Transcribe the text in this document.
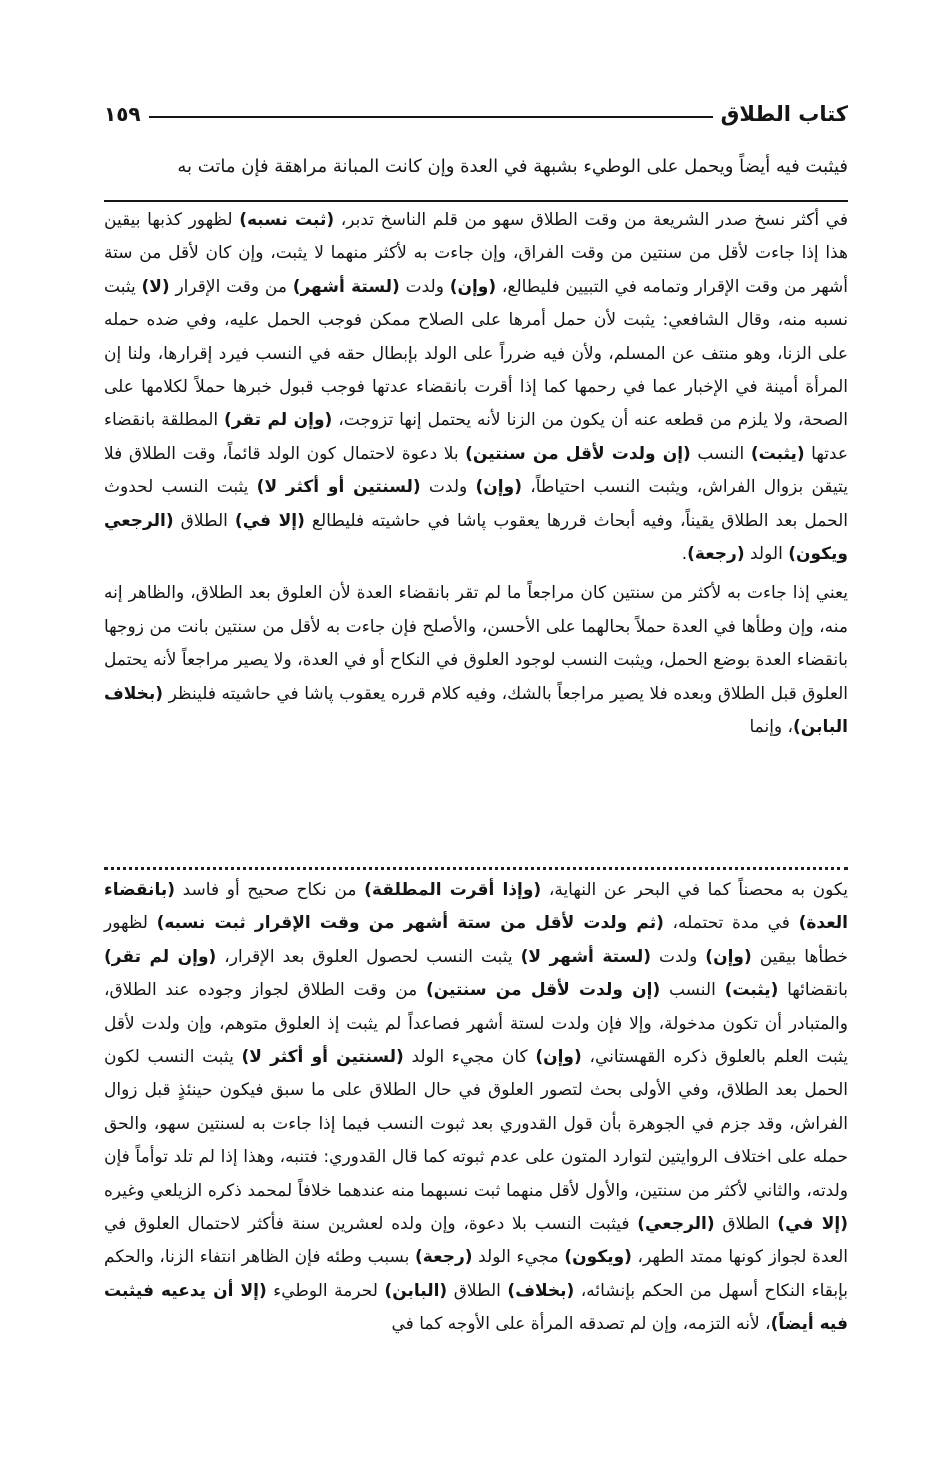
كتاب الطلاق
١٥٩

فيثبت فيه أيضاً ويحمل على الوطيء بشبهة في العدة وإن كانت المبانة مراهقة فإن ماتت به

في أكثر نسخ صدر الشريعة من وقت الطلاق سهو من قلم الناسخ تدبر، (ثبت نسبه) لظهور كذبها بيقين هذا إذا جاءت لأقل من سنتين من وقت الفراق، وإن جاءت به لأكثر منهما لا يثبت، وإن كان لأقل من ستة أشهر من وقت الإقرار وتمامه في التبيين فليطالع، (وإن) ولدت (لستة أشهر) من وقت الإقرار (لا) يثبت نسبه منه، وقال الشافعي: يثبت لأن حمل أمرها على الصلاح ممكن فوجب الحمل عليه، وفي ضده حمله على الزنا، وهو منتف عن المسلم، ولأن فيه ضرراً على الولد بإبطال حقه في النسب فيرد إقرارها، ولنا إن المرأة أمينة في الإخبار عما في رحمها كما إذا أقرت بانقضاء عدتها فوجب قبول خبرها حملاً لكلامها على الصحة، ولا يلزم من قطعه عنه أن يكون من الزنا لأنه يحتمل إنها تزوجت، (وإن لم تقر) المطلقة بانقضاء عدتها (يثبت) النسب (إن ولدت لأقل من سنتين) بلا دعوة لاحتمال كون الولد قائماً، وقت الطلاق فلا يتيقن بزوال الفراش، ويثبت النسب احتياطاً، (وإن) ولدت (لسنتين أو أكثر لا) يثبت النسب لحدوث الحمل بعد الطلاق يقيناً، وفيه أبحاث قررها يعقوب پاشا في حاشيته فليطالع (إلا في) الطلاق (الرجعي ويكون) الولد (رجعة).

يعني إذا جاءت به لأكثر من سنتين كان مراجعاً ما لم تقر بانقضاء العدة لأن العلوق بعد الطلاق، والظاهر إنه منه، وإن وطأها في العدة حملاً بحالهما على الأحسن، والأصلح فإن جاءت به لأقل من سنتين بانت من زوجها بانقضاء العدة بوضع الحمل، ويثبت النسب لوجود العلوق في النكاح أو في العدة، ولا يصير مراجعاً لأنه يحتمل العلوق قبل الطلاق وبعده فلا يصير مراجعاً بالشك، وفيه كلام قرره يعقوب پاشا في حاشيته فلينظر (بخلاف البابن)، وإنما

يكون به محصناً كما في البحر عن النهاية، (وإذا أقرت المطلقة) من نكاح صحيح أو فاسد (بانقضاء العدة) في مدة تحتمله، (ثم ولدت لأقل من ستة أشهر من وقت الإقرار ثبت نسبه) لظهور خطأها بيقين (وإن) ولدت (لستة أشهر لا) يثبت النسب لحصول العلوق بعد الإقرار، (وإن لم تقر) بانقضائها (يثبت) النسب (إن ولدت لأقل من سنتين) من وقت الطلاق لجواز وجوده عند الطلاق، والمتبادر أن تكون مدخولة، وإلا فإن ولدت لستة أشهر فصاعداً لم يثبت إذ العلوق متوهم، وإن ولدت لأقل يثبت العلم بالعلوق ذكره القهستاني، (وإن) كان مجيء الولد (لسنتين أو أكثر لا) يثبت النسب لكون الحمل بعد الطلاق، وفي الأولى بحث لتصور العلوق في حال الطلاق على ما سبق فيكون حينئذٍ قبل زوال الفراش، وقد جزم في الجوهرة بأن قول القدوري بعد ثبوت النسب فيما إذا جاءت به لسنتين سهو، والحق حمله على اختلاف الروايتين لتوارد المتون على عدم ثبوته كما قال القدوري: فتنبه، وهذا إذا لم تلد توأماً فإن ولدته، والثاني لأكثر من سنتين، والأول لأقل منهما ثبت نسبهما منه عندهما خلافاً لمحمد ذكره الزيلعي وغيره (إلا في) الطلاق (الرجعي) فيثبت النسب بلا دعوة، وإن ولده لعشرين سنة فأكثر لاحتمال العلوق في العدة لجواز كونها ممتد الطهر، (ويكون) مجيء الولد (رجعة) بسبب وطئه فإن الظاهر انتفاء الزنا، والحكم بإبقاء النكاح أسهل من الحكم بإنشائه، (بخلاف) الطلاق (البابن) لحرمة الوطيء (إلا أن يدعيه فيثبت فيه أيضاً)، لأنه التزمه، وإن لم تصدقه المرأة على الأوجه كما في
